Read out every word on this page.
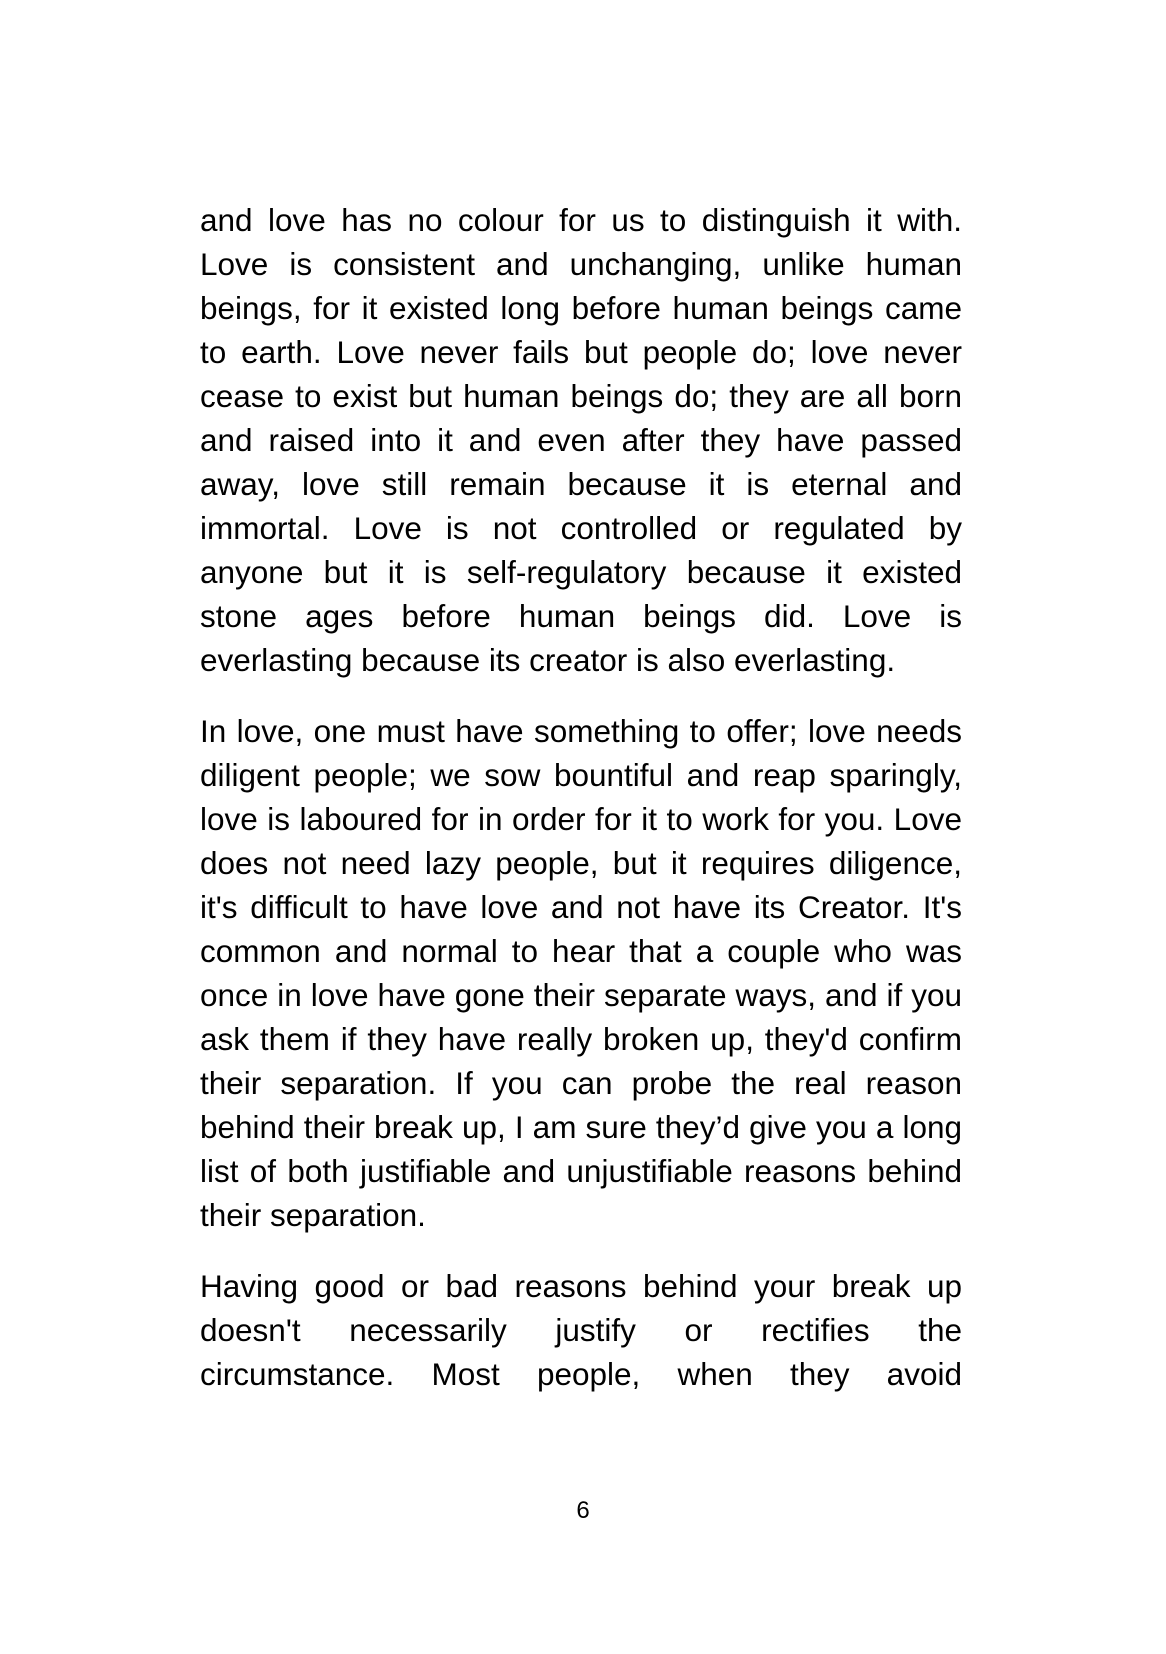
and love has no colour for us to distinguish it with. Love is consistent and unchanging, unlike human beings, for it existed long before human beings came to earth. Love never fails but people do; love never cease to exist but human beings do; they are all born and raised into it and even after they have passed away, love still remain because it is eternal and immortal. Love is not controlled or regulated by anyone but it is self-regulatory because it existed stone ages before human beings did. Love is everlasting because its creator is also everlasting.

In love, one must have something to offer; love needs diligent people; we sow bountiful and reap sparingly, love is laboured for in order for it to work for you. Love does not need lazy people, but it requires diligence, it's difficult to have love and not have its Creator. It's common and normal to hear that a couple who was once in love have gone their separate ways, and if you ask them if they have really broken up, they'd confirm their separation. If you can probe the real reason behind their break up, I am sure they’d give you a long list of both justifiable and unjustifiable reasons behind their separation.

Having good or bad reasons behind your break up doesn't necessarily justify or rectifies the circumstance. Most people, when they avoid

6
